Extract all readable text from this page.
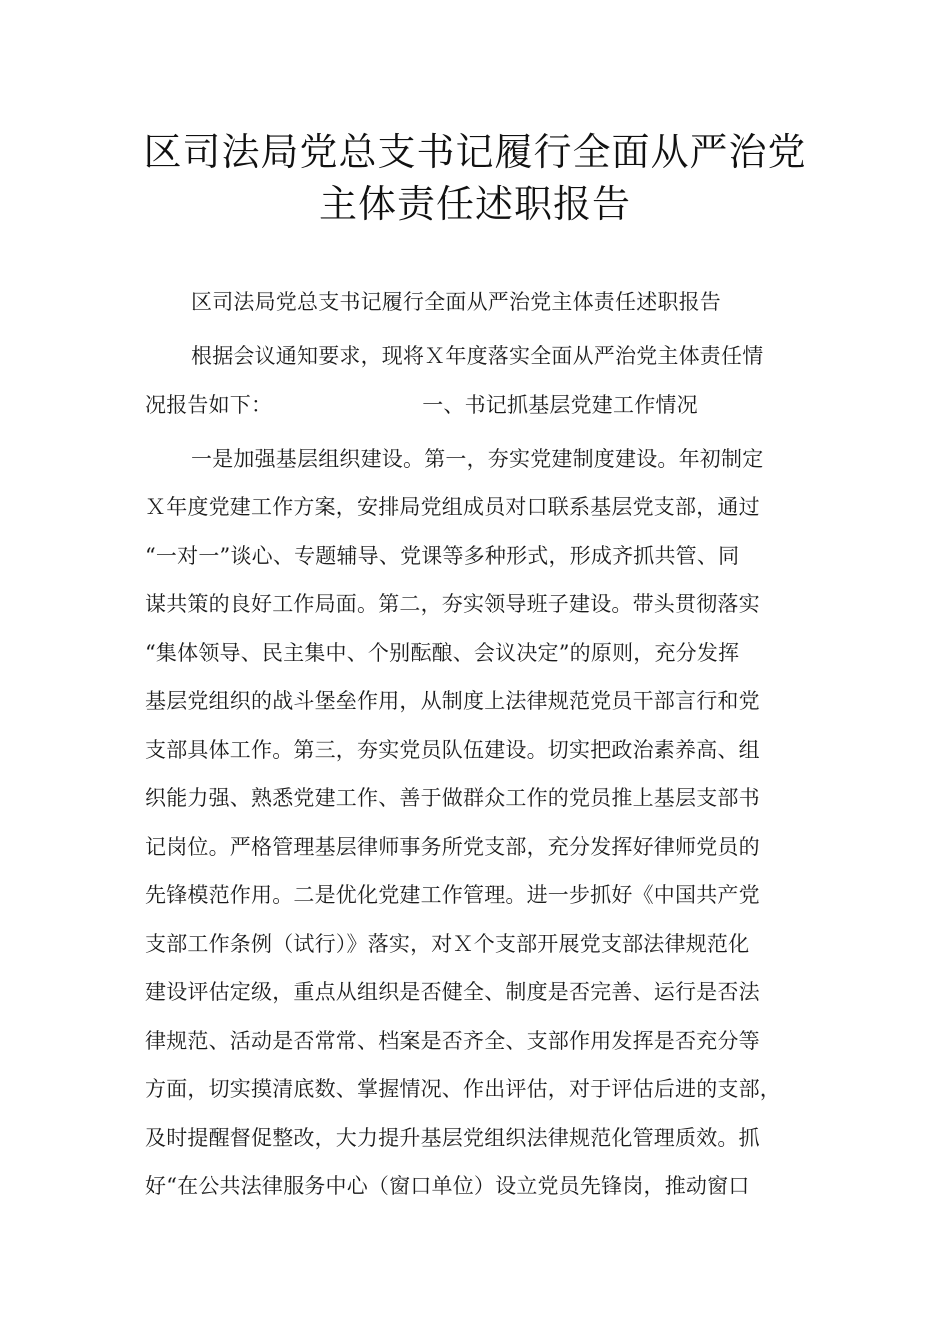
区司法局党总支书记履行全面从严治党
主体责任述职报告
区司法局党总支书记履行全面从严治党主体责任述职报告
根据会议通知要求，现将Ｘ年度落实全面从严治党主体责任情
况报告如下：	一、书记抓基层党建工作情况
一是加强基层组织建设。第一，夯实党建制度建设。年初制定
Ｘ年度党建工作方案，安排局党组成员对口联系基层党支部，通过
“一对一”谈心、专题辅导、党课等多种形式，形成齐抓共管、同
谋共策的良好工作局面。第二，夯实领导班子建设。带头贯彻落实
“集体领导、民主集中、个别酝酿、会议决定”的原则，充分发挥
基层党组织的战斗堡垒作用，从制度上法律规范党员干部言行和党
支部具体工作。第三，夯实党员队伍建设。切实把政治素养高、组
织能力强、熟悉党建工作、善于做群众工作的党员推上基层支部书
记岗位。严格管理基层律师事务所党支部，充分发挥好律师党员的
先锋模范作用。二是优化党建工作管理。进一步抓好《中国共产党
支部工作条例（试行）》落实，对Ｘ个支部开展党支部法律规范化
建设评估定级，重点从组织是否健全、制度是否完善、运行是否法
律规范、活动是否常常、档案是否齐全、支部作用发挥是否充分等
方面，切实摸清底数、掌握情况、作出评估，对于评估后进的支部，
及时提醒督促整改，大力提升基层党组织法律规范化管理质效。抓
好“在公共法律服务中心（窗口单位）设立党员先锋岗，推动窗口
